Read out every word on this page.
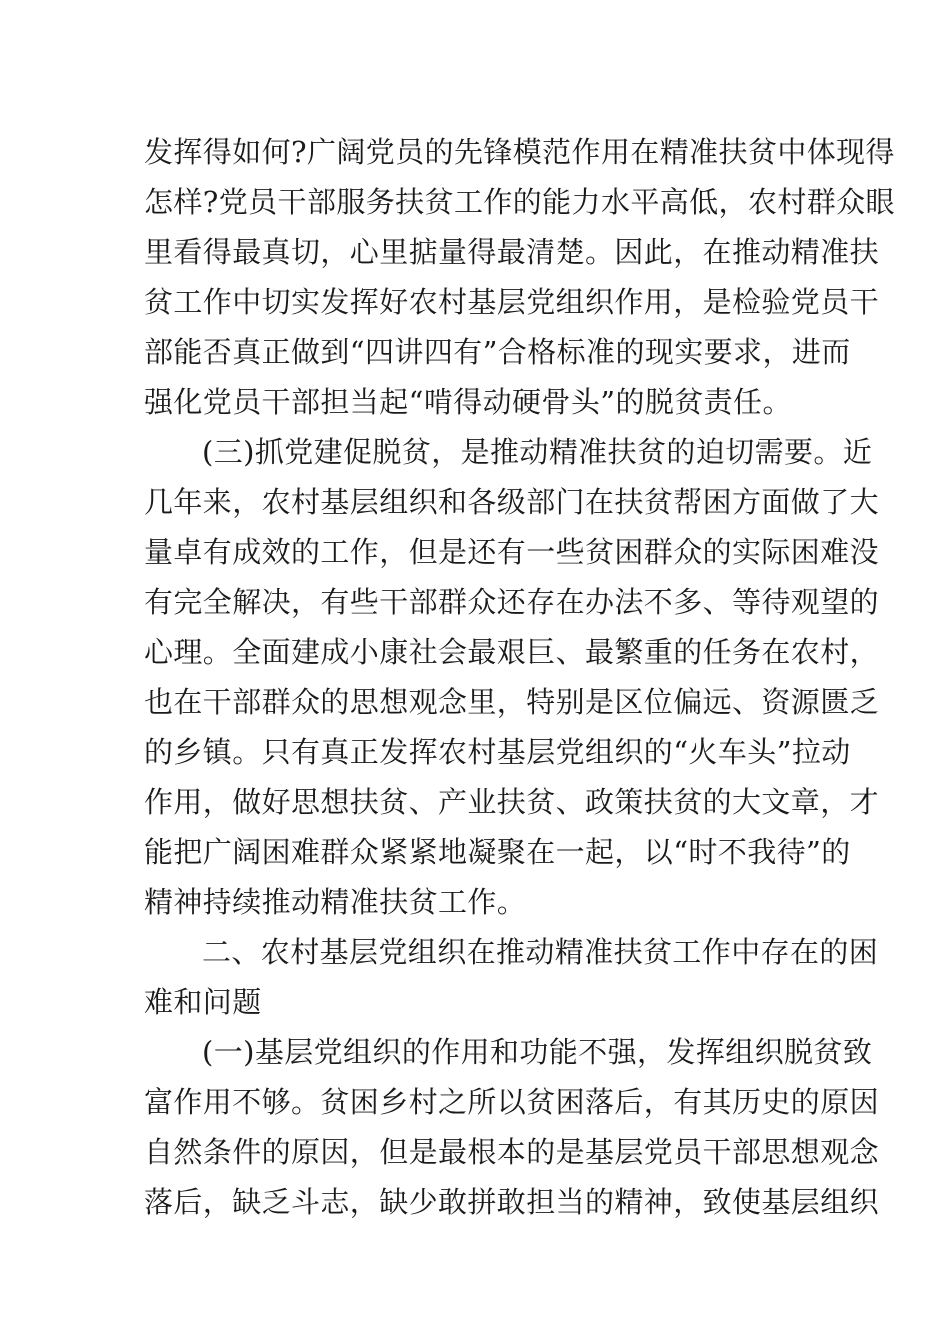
发挥得如何?广阔党员的先锋模范作用在精准扶贫中体现得
怎样?党员干部服务扶贫工作的能力水平高低，农村群众眼
里看得最真切，心里掂量得最清楚。因此，在推动精准扶
贫工作中切实发挥好农村基层党组织作用，是检验党员干
部能否真正做到“四讲四有”合格标准的现实要求，进而
强化党员干部担当起“啃得动硬骨头”的脱贫责任。
(三)抓党建促脱贫，是推动精准扶贫的迫切需要。近
几年来，农村基层组织和各级部门在扶贫帮困方面做了大
量卓有成效的工作，但是还有一些贫困群众的实际困难没
有完全解决，有些干部群众还存在办法不多、等待观望的
心理。全面建成小康社会最艰巨、最繁重的任务在农村，
也在干部群众的思想观念里，特别是区位偏远、资源匮乏
的乡镇。只有真正发挥农村基层党组织的“火车头”拉动
作用，做好思想扶贫、产业扶贫、政策扶贫的大文章，才
能把广阔困难群众紧紧地凝聚在一起，以“时不我待”的
精神持续推动精准扶贫工作。
二、农村基层党组织在推动精准扶贫工作中存在的困
难和问题
(一)基层党组织的作用和功能不强，发挥组织脱贫致
富作用不够。贫困乡村之所以贫困落后，有其历史的原因
自然条件的原因，但是最根本的是基层党员干部思想观念
落后，缺乏斗志，缺少敢拼敢担当的精神，致使基层组织
